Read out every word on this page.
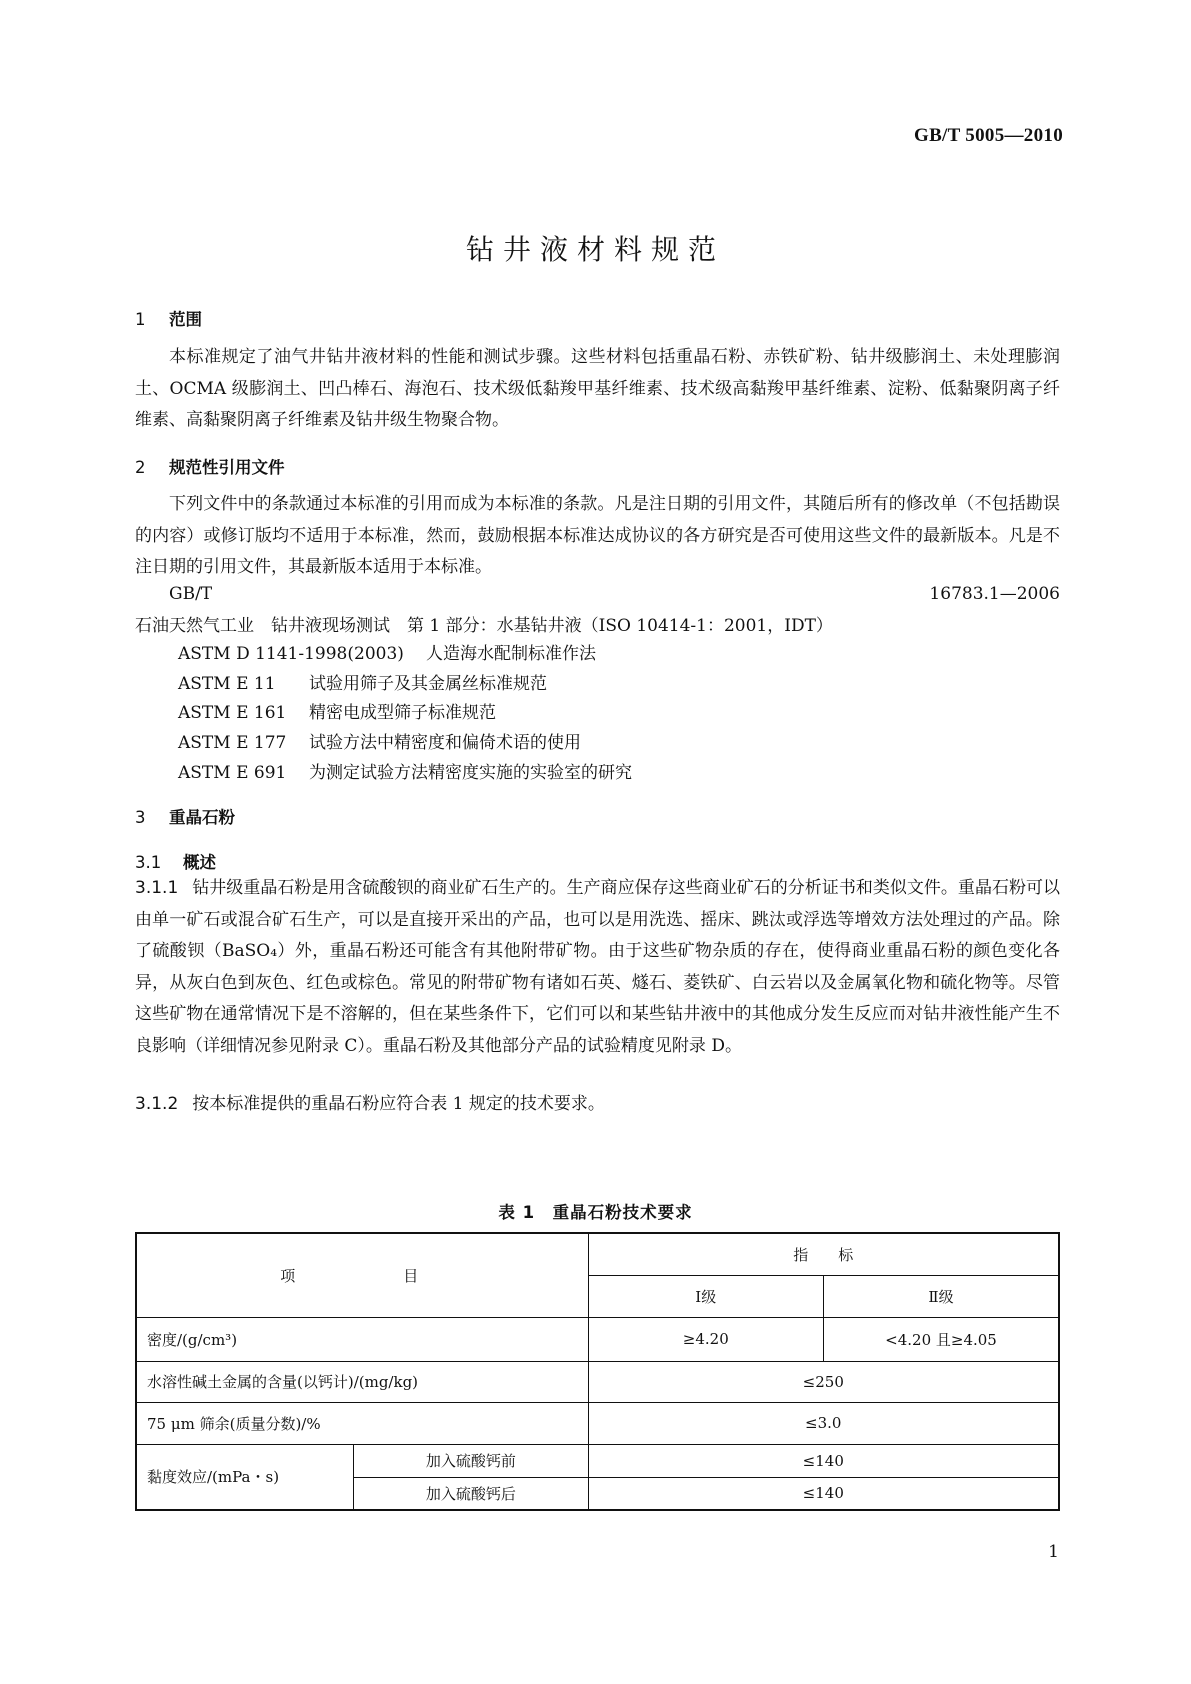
GB/T 5005—2010
钻井液材料规范
1 范围
本标准规定了油气井钻井液材料的性能和测试步骤。这些材料包括重晶石粉、赤铁矿粉、钻井级膨润土、未处理膨润土、OCMA 级膨润土、凹凸棒石、海泡石、技术级低黏羧甲基纤维素、技术级高黏羧甲基纤维素、淀粉、低黏聚阴离子纤维素、高黏聚阴离子纤维素及钻井级生物聚合物。
2 规范性引用文件
下列文件中的条款通过本标准的引用而成为本标准的条款。凡是注日期的引用文件，其随后所有的修改单（不包括勘误的内容）或修订版均不适用于本标准，然而，鼓励根据本标准达成协议的各方研究是否可使用这些文件的最新版本。凡是不注日期的引用文件，其最新版本适用于本标准。
GB/T 16783.1—2006　石油天然气工业　钻井液现场测试　第 1 部分：水基钻井液（ISO 10414-1：2001，IDT）
ASTM D 1141-1998(2003) 人造海水配制标准作法
ASTM E 11 试验用筛子及其金属丝标准规范
ASTM E 161 精密电成型筛子标准规范
ASTM E 177 试验方法中精密度和偏倚术语的使用
ASTM E 691 为测定试验方法精密度实施的实验室的研究
3 重晶石粉
3.1 概述
3.1.1 钻井级重晶石粉是用含硫酸钡的商业矿石生产的。生产商应保存这些商业矿石的分析证书和类似文件。重晶石粉可以由单一矿石或混合矿石生产，可以是直接开采出的产品，也可以是用洗选、摇床、跳汰或浮选等增效方法处理过的产品。除了硫酸钡（BaSO₄）外，重晶石粉还可能含有其他附带矿物。由于这些矿物杂质的存在，使得商业重晶石粉的颜色变化各异，从灰白色到灰色、红色或棕色。常见的附带矿物有诸如石英、燧石、菱铁矿、白云岩以及金属氧化物和硫化物等。尽管这些矿物在通常情况下是不溶解的，但在某些条件下，它们可以和某些钻井液中的其他成分发生反应而对钻井液性能产生不良影响（详细情况参见附录 C）。重晶石粉及其他部分产品的试验精度见附录 D。
3.1.2 按本标准提供的重晶石粉应符合表 1 规定的技术要求。
表 1　重晶石粉技术要求
项　　目		指　　标	
		Ⅰ级	Ⅱ级
密度/(g/cm³)		≥4.20	<4.20 且≥4.05
水溶性碱土金属的含量(以钙计)/(mg/kg)		≤250	
75 μm 筛余(质量分数)/%		≤3.0	
黏度效应/(mPa・s)	加入硫酸钙前	≤140	
	加入硫酸钙后	≤140	
1
